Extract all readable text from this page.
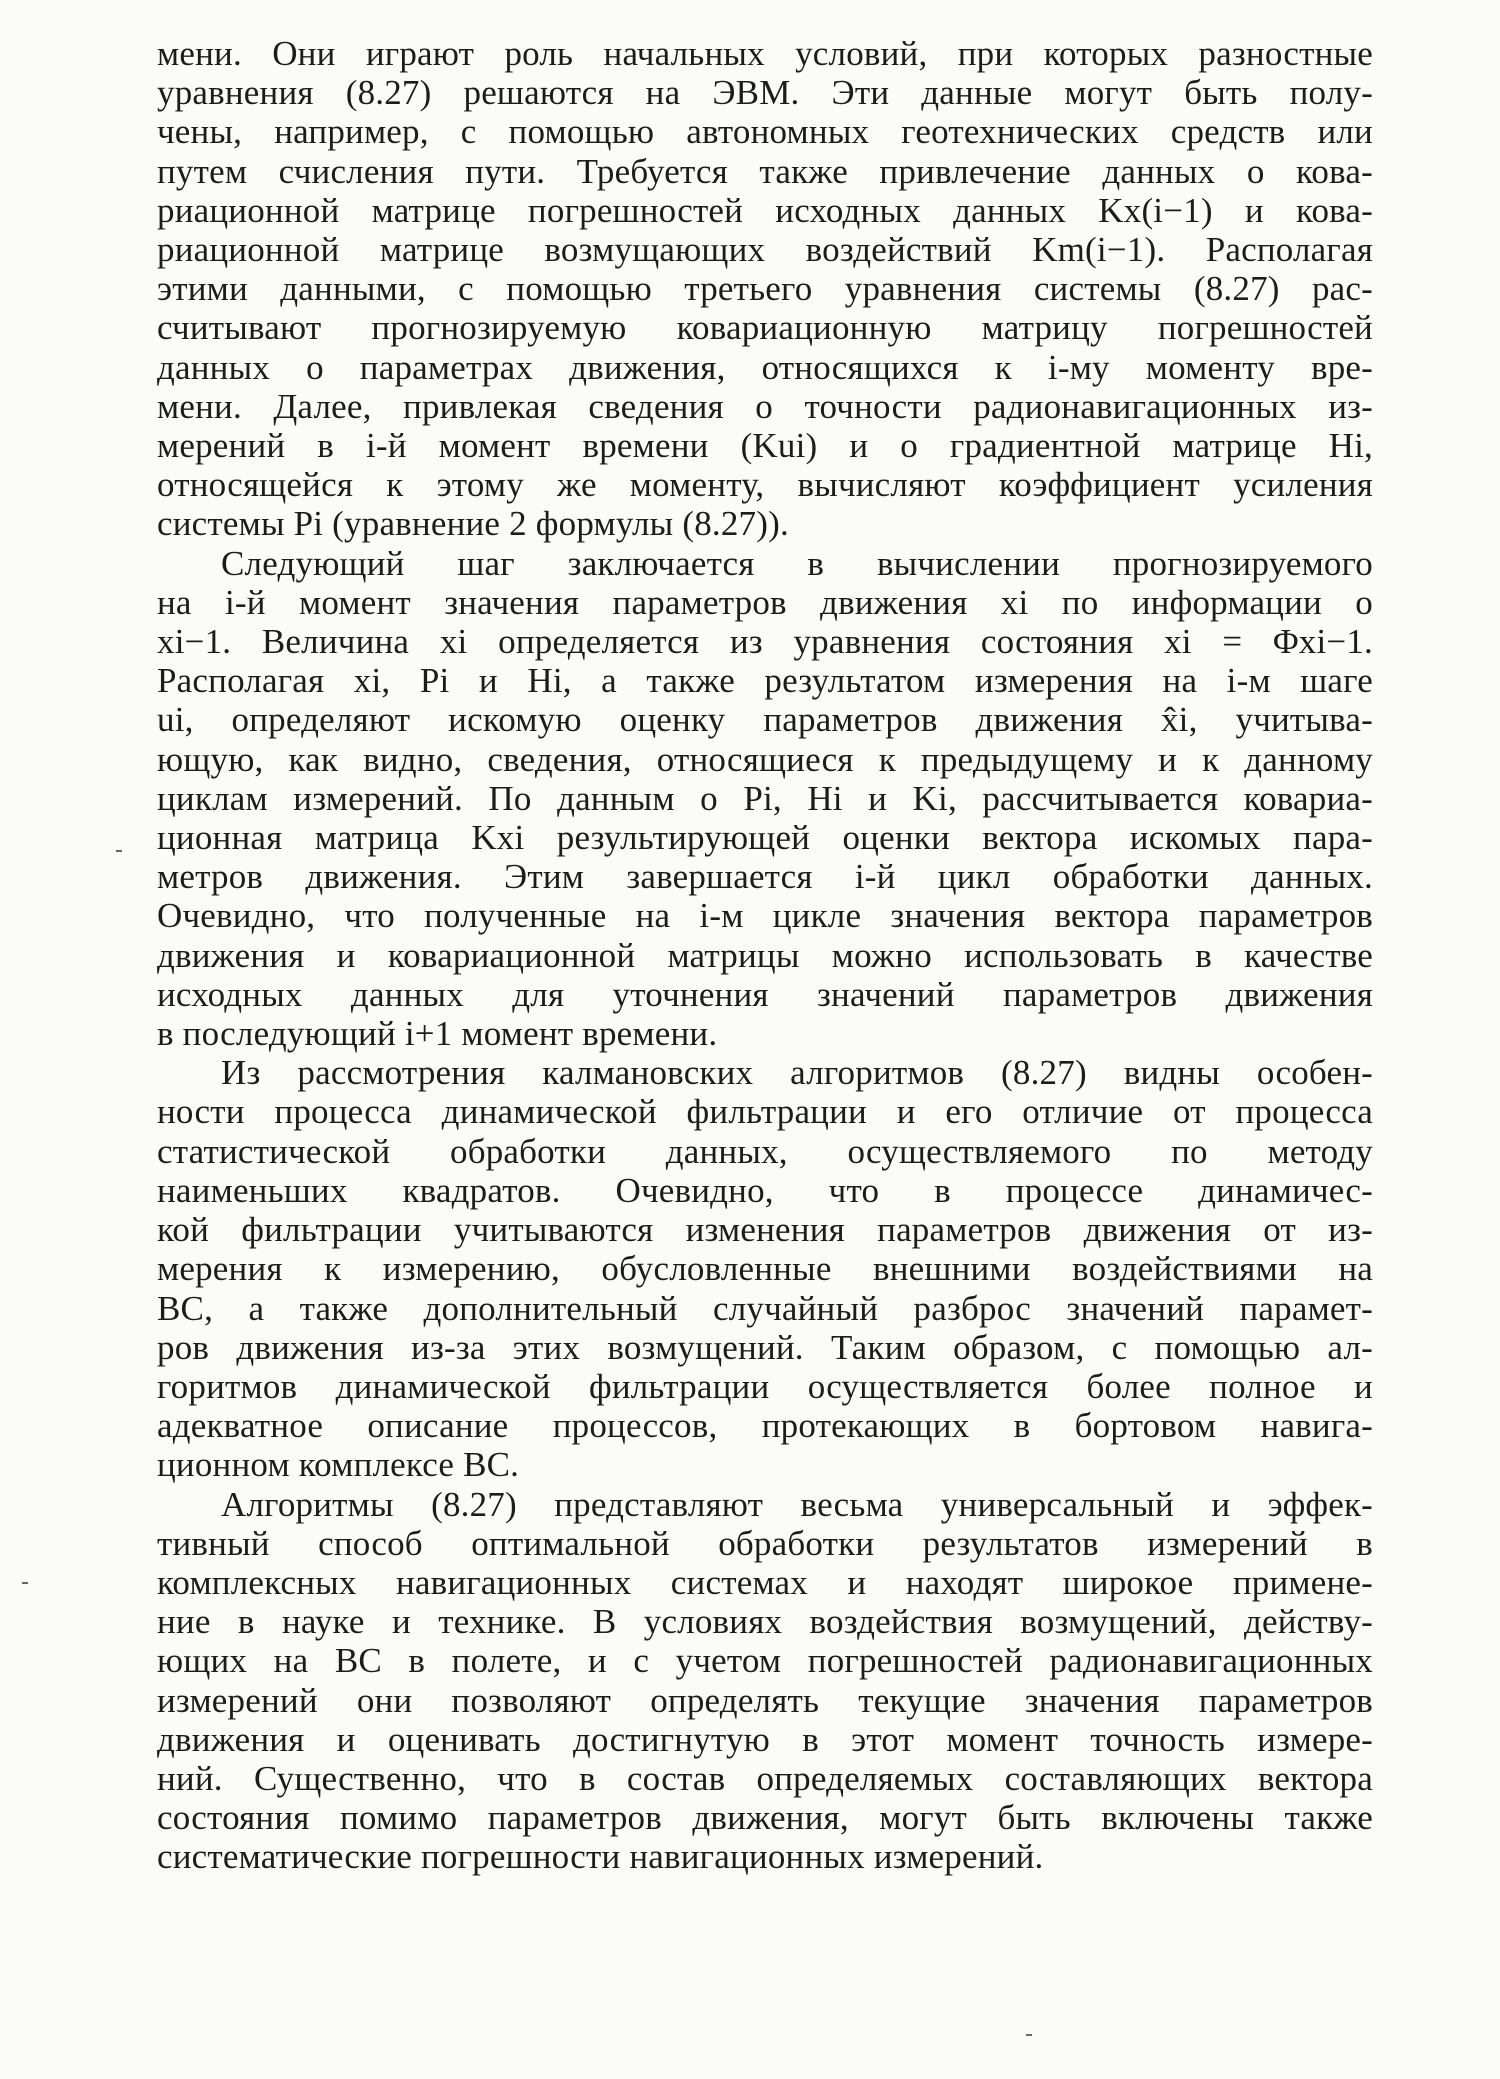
мени. Они играют роль начальных условий, при которых разностные
уравнения (8.27) решаются на ЭВМ. Эти данные могут быть полу-
чены, например, с помощью автономных геотехнических средств или
путем счисления пути. Требуется также привлечение данных о кова-
риационной матрице погрешностей исходных данных Kx(i−1) и кова-
риационной матрице возмущающих воздействий Km(i−1). Располагая
этими данными, с помощью третьего уравнения системы (8.27) рас-
считывают прогнозируемую ковариационную матрицу погрешностей
данных о параметрах движения, относящихся к i-му моменту вре-
мени. Далее, привлекая сведения о точности радионавигационных из-
мерений в i-й момент времени (Kui) и о градиентной матрице Hi,
относящейся к этому же моменту, вычисляют коэффициент усиления
системы Pi (уравнение 2 формулы (8.27)).
Следующий шаг заключается в вычислении прогнозируемого
на i-й момент значения параметров движения xi по информации о
xi−1. Величина xi определяется из уравнения состояния xi = Φxi−1.
Располагая xi, Pi и Hi, а также результатом измерения на i-м шаге
ui, определяют искомую оценку параметров движения x̂i, учитыва-
ющую, как видно, сведения, относящиеся к предыдущему и к данному
циклам измерений. По данным о Pi, Hi и Ki, рассчитывается ковариа-
ционная матрица Kxi результирующей оценки вектора искомых пара-
метров движения. Этим завершается i-й цикл обработки данных.
Очевидно, что полученные на i-м цикле значения вектора параметров
движения и ковариационной матрицы можно использовать в качестве
исходных данных для уточнения значений параметров движения
в последующий i+1 момент времени.
Из рассмотрения калмановских алгоритмов (8.27) видны особен-
ности процесса динамической фильтрации и его отличие от процесса
статистической обработки данных, осуществляемого по методу
наименьших квадратов. Очевидно, что в процессе динамичес-
кой фильтрации учитываются изменения параметров движения от из-
мерения к измерению, обусловленные внешними воздействиями на
ВС, а также дополнительный случайный разброс значений парамет-
ров движения из-за этих возмущений. Таким образом, с помощью ал-
горитмов динамической фильтрации осуществляется более полное и
адекватное описание процессов, протекающих в бортовом навига-
ционном комплексе ВС.
Алгоритмы (8.27) представляют весьма универсальный и эффек-
тивный способ оптимальной обработки результатов измерений в
комплексных навигационных системах и находят широкое примене-
ние в науке и технике. В условиях воздействия возмущений, действу-
ющих на ВС в полете, и с учетом погрешностей радионавигационных
измерений они позволяют определять текущие значения параметров
движения и оценивать достигнутую в этот момент точность измере-
ний. Существенно, что в состав определяемых составляющих вектора
состояния помимо параметров движения, могут быть включены также
систематические погрешности навигационных измерений.
